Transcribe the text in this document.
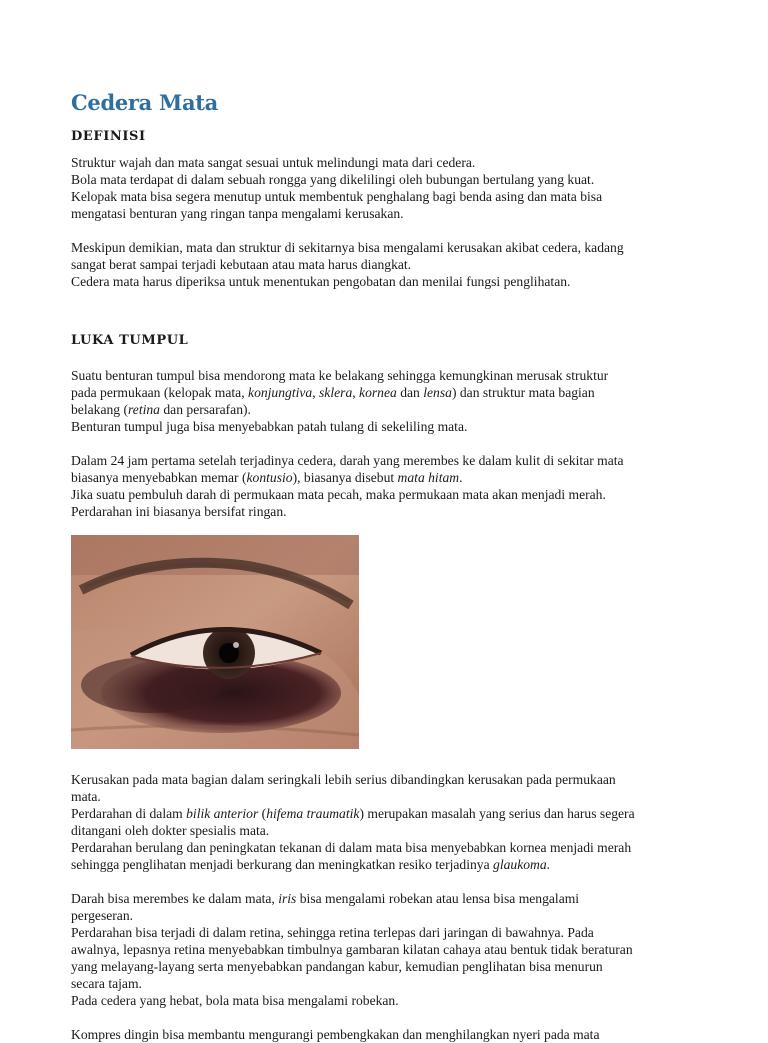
Cedera Mata
DEFINISI

Struktur wajah dan mata sangat sesuai untuk melindungi mata dari cedera.
Bola mata terdapat di dalam sebuah rongga yang dikelilingi oleh bubungan bertulang yang kuat.
Kelopak mata bisa segera menutup untuk membentuk penghalang bagi benda asing dan mata bisa
mengatasi benturan yang ringan tanpa mengalami kerusakan.

Meskipun demikian, mata dan struktur di sekitarnya bisa mengalami kerusakan akibat cedera, kadang
sangat berat sampai terjadi kebutaan atau mata harus diangkat.
Cedera mata harus diperiksa untuk menentukan pengobatan dan menilai fungsi penglihatan.

LUKA TUMPUL

Suatu benturan tumpul bisa mendorong mata ke belakang sehingga kemungkinan merusak struktur
pada permukaan (kelopak mata, konjungtiva, sklera, kornea dan lensa) dan struktur mata bagian
belakang (retina dan persarafan).
Benturan tumpul juga bisa menyebabkan patah tulang di sekeliling mata.

Dalam 24 jam pertama setelah terjadinya cedera, darah yang merembes ke dalam kulit di sekitar mata
biasanya menyebabkan memar (kontusio), biasanya disebut mata hitam.
Jika suatu pembuluh darah di permukaan mata pecah, maka permukaan mata akan menjadi merah.
Perdarahan ini biasanya bersifat ringan.

Kerusakan pada mata bagian dalam seringkali lebih serius dibandingkan kerusakan pada permukaan
mata.
Perdarahan di dalam bilik anterior (hifema traumatik) merupakan masalah yang serius dan harus segera
ditangani oleh dokter spesialis mata.
Perdarahan berulang dan peningkatan tekanan di dalam mata bisa menyebabkan kornea menjadi merah
sehingga penglihatan menjadi berkurang dan meningkatkan resiko terjadinya glaukoma.

Darah bisa merembes ke dalam mata, iris bisa mengalami robekan atau lensa bisa mengalami
pergeseran.
Perdarahan bisa terjadi di dalam retina, sehingga retina terlepas dari jaringan di bawahnya. Pada
awalnya, lepasnya retina menyebabkan timbulnya gambaran kilatan cahaya atau bentuk tidak beraturan
yang melayang-layang serta menyebabkan pandangan kabur, kemudian penglihatan bisa menurun
secara tajam.
Pada cedera yang hebat, bola mata bisa mengalami robekan.

Kompres dingin bisa membantu mengurangi pembengkakan dan menghilangkan nyeri pada mata
